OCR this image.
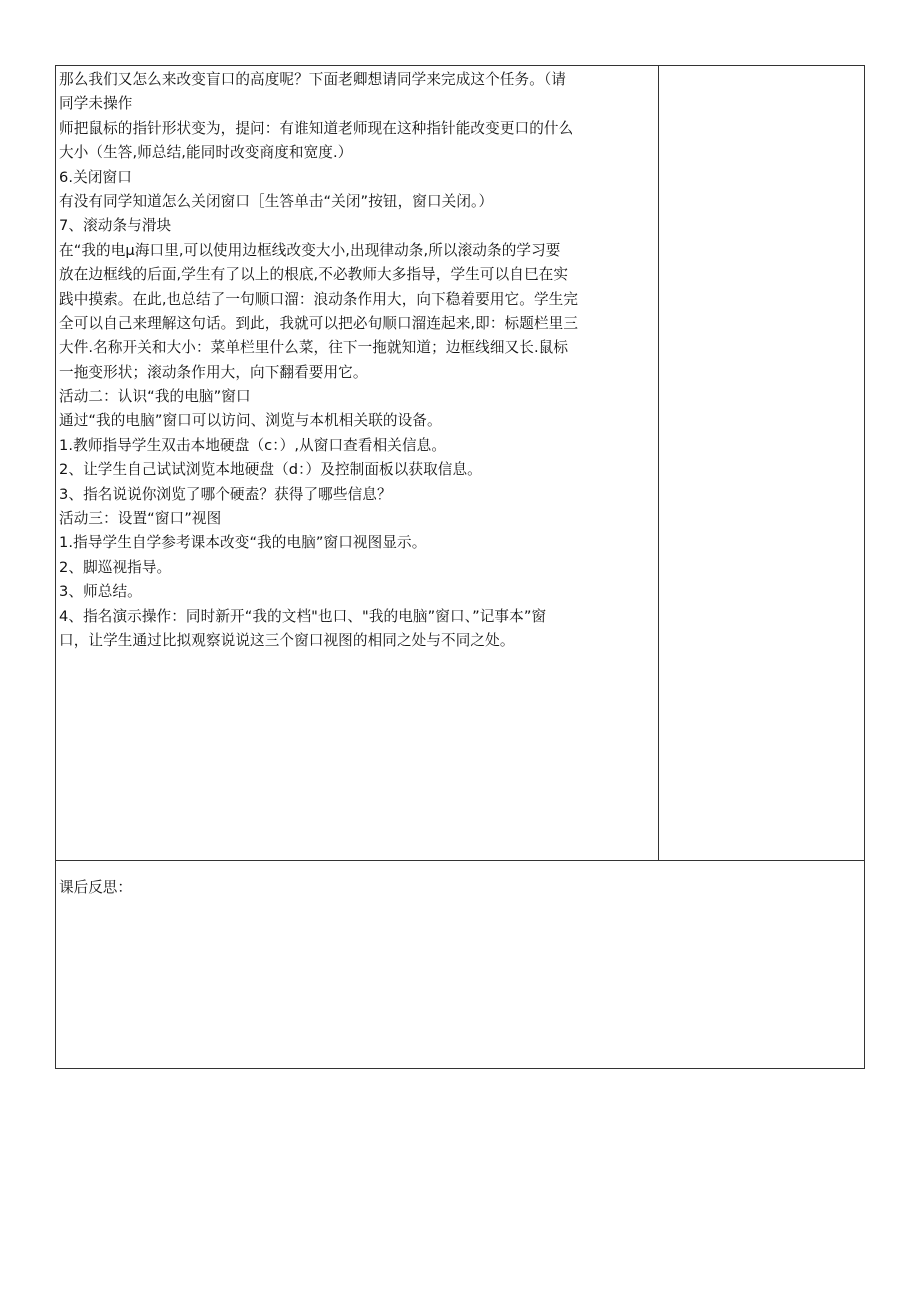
那么我们又怎么来改变盲口的高度呢？下面老卿想请同学来完成这个任务。（请
同学未操作
师把鼠标的指针形状变为，提问：有谁知道老师现在这种指针能改变更口的什么
大小（生答,师总结,能同时改变商度和宽度.）
6.关闭窗口
有没有同学知道怎么关闭窗口［生答单击“关闭”按钮，窗口关闭。）
7、滚动条与滑块
在“我的电μ海口里,可以使用边框线改变大小,出现律动条,所以滚动条的学习要
放在边框线的后面,学生有了以上的根底,不必教师大多指导，学生可以自巳在实
践中摸索。在此,也总结了一句顺口溜：浪动条作用大，向下稳着要用它。学生完
全可以自己来理解这句话。到此，我就可以把必旬顺口溜连起来,即：标题栏里三
大件.名称开关和大小：菜单栏里什么菜，往下一拖就知道；边框线细又长.鼠标
一拖变形状；滚动条作用大，向下翻看要用它。
活动二：认识“我的电脑”窗口
通过“我的电脑”窗口可以访问、浏览与本机相关联的设备。
1.教师指导学生双击本地硬盘（c：）,从窗口查看相关信息。
2、让学生自己试试浏览本地硬盘（d：）及控制面板以获取信息。
3、指名说说你浏览了哪个硬盍？获得了哪些信息？
活动三：设置“窗口”视图
1.指导学生自学参考课本改变“我的电脑”窗口视图显示。
2、脚巡视指导。
3、师总结。
4、指名演示操作：同时新开“我的文档"也口、"我的电脑”窗口、”记事本”窗
口，让学生通过比拟观察说说这三个窗口视图的相同之处与不同之处。

课后反思：
